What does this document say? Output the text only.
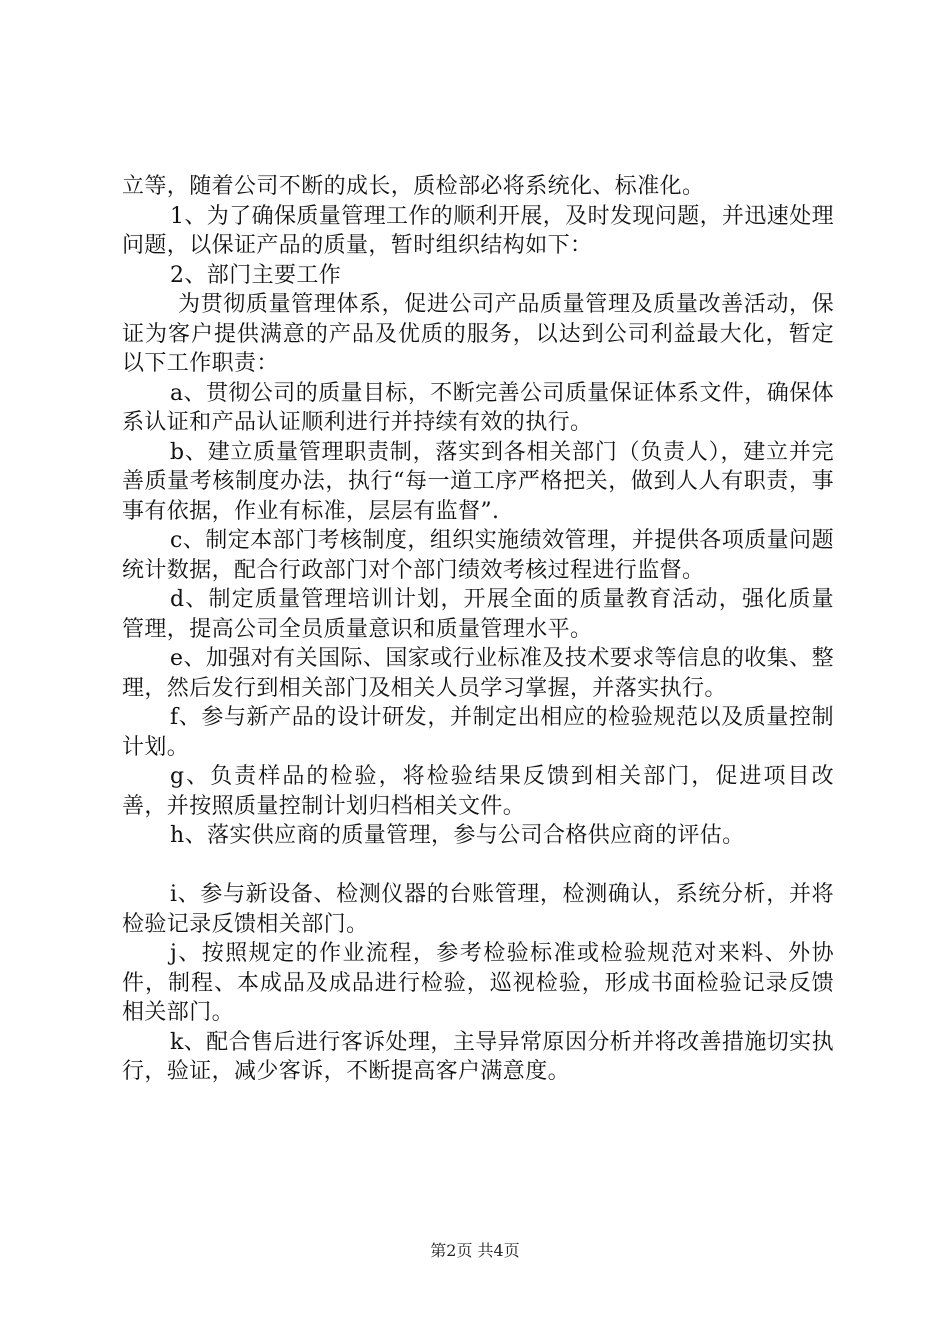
立等，随着公司不断的成长，质检部必将系统化、标准化。

1、为了确保质量管理工作的顺利开展，及时发现问题，并迅速处理问题，以保证产品的质量，暂时组织结构如下：

2、部门主要工作

为贯彻质量管理体系，促进公司产品质量管理及质量改善活动，保证为客户提供满意的产品及优质的服务，以达到公司利益最大化，暂定以下工作职责：

a、贯彻公司的质量目标，不断完善公司质量保证体系文件，确保体系认证和产品认证顺利进行并持续有效的执行。

b、建立质量管理职责制，落实到各相关部门（负责人），建立并完善质量考核制度办法，执行“每一道工序严格把关，做到人人有职责，事事有依据，作业有标准，层层有监督”.

c、制定本部门考核制度，组织实施绩效管理，并提供各项质量问题统计数据，配合行政部门对个部门绩效考核过程进行监督。

d、制定质量管理培训计划，开展全面的质量教育活动，强化质量管理，提高公司全员质量意识和质量管理水平。

e、加强对有关国际、国家或行业标准及技术要求等信息的收集、整理，然后发行到相关部门及相关人员学习掌握，并落实执行。

f、参与新产品的设计研发，并制定出相应的检验规范以及质量控制计划。

g、负责样品的检验，将检验结果反馈到相关部门，促进项目改善，并按照质量控制计划归档相关文件。

h、落实供应商的质量管理，参与公司合格供应商的评估。

i、参与新设备、检测仪器的台账管理，检测确认，系统分析，并将检验记录反馈相关部门。

j、按照规定的作业流程，参考检验标准或检验规范对来料、外协件，制程、本成品及成品进行检验，巡视检验，形成书面检验记录反馈相关部门。

k、配合售后进行客诉处理，主导异常原因分析并将改善措施切实执行，验证，减少客诉，不断提高客户满意度。

第2页 共4页
